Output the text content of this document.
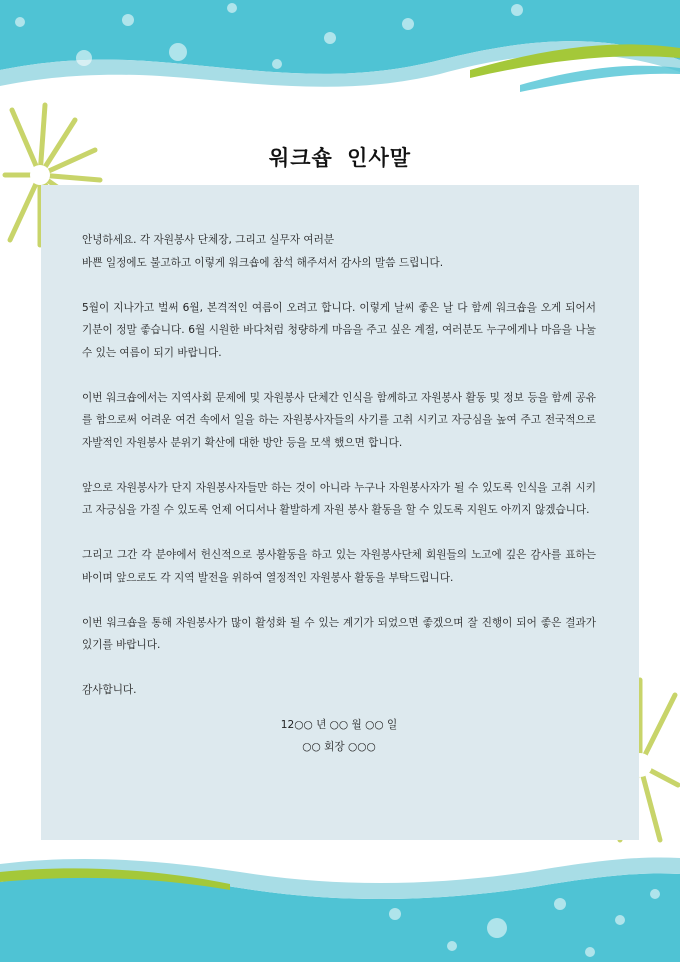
워크숍 인사말

안녕하세요. 각 자원봉사 단체장, 그리고 실무자 여러분

바쁜 일정에도 불고하고 이렇게 워크숍에 참석 해주셔서 감사의 말씀 드립니다.

5월이 지나가고 벌써 6월, 본격적인 여름이 오려고 합니다. 이렇게 날씨 좋은 날 다 함께 워크숍을 오게 되어서 기분이 정말 좋습니다. 6월 시원한 바다처럼 청량하게 마음을 주고 싶은 계절, 여러분도 누구에게나 마음을 나눌 수 있는 여름이 되기 바랍니다.

이번 워크숍에서는 지역사회 문제에 및 자원봉사 단체간 인식을 함께하고 자원봉사 활동 및 정보 등을 함께 공유를 함으로써 어려운 여건 속에서 일을 하는 자원봉사자들의 사기를 고취 시키고 자긍심을 높여 주고 전국적으로 자발적인 자원봉사 분위기 확산에 대한 방안 등을 모색 했으면 합니다.

앞으로 자원봉사가 단지 자원봉사자들만 하는 것이 아니라 누구나 자원봉사자가 될 수 있도록 인식을 고취 시키고 자긍심을 가질 수 있도록 언제 어디서나 활발하게 자원 봉사 활동을 할 수 있도록 지원도 아끼지 않겠습니다.

그리고 그간 각 분야에서 헌신적으로 봉사활동을 하고 있는 자원봉사단체 회원들의 노고에 깊은 감사를 표하는 바이며 앞으로도 각 지역 발전을 위하여 열정적인 자원봉사 활동을 부탁드립니다.

이번 워크숍을 통해 자원봉사가 많이 활성화 될 수 있는 계기가 되었으면 좋겠으며 잘 진행이 되어 좋은 결과가 있기를 바랍니다.

감사합니다.

12○○ 년 ○○ 월 ○○ 일
○○ 회장 ○○○
